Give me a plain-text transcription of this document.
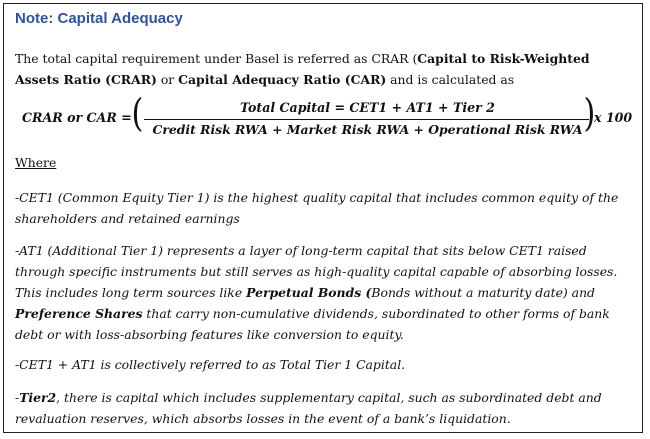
Note: Capital Adequacy
The total capital requirement under Basel is referred as CRAR (Capital to Risk-Weighted Assets Ratio (CRAR) or Capital Adequacy Ratio (CAR) and is calculated as
CRAR or CAR = (	Total Capital = CET1 + AT1 + Tier 2
Credit Risk RWA + Market Risk RWA + Operational Risk RWA )
x 100
Where
-CET1 (Common Equity Tier 1) is the highest quality capital that includes common equity of the shareholders and retained earnings
-AT1 (Additional Tier 1) represents a layer of long-term capital that sits below CET1 raised through specific instruments but still serves as high-quality capital capable of absorbing losses. This includes long term sources like Perpetual Bonds (Bonds without a maturity date) and Preference Shares that carry non-cumulative dividends, subordinated to other forms of bank debt or with loss-absorbing features like conversion to equity.
-CET1 + AT1 is collectively referred to as Total Tier 1 Capital.
-Tier2, there is capital which includes supplementary capital, such as subordinated debt and revaluation reserves, which absorbs losses in the event of a bank’s liquidation.
